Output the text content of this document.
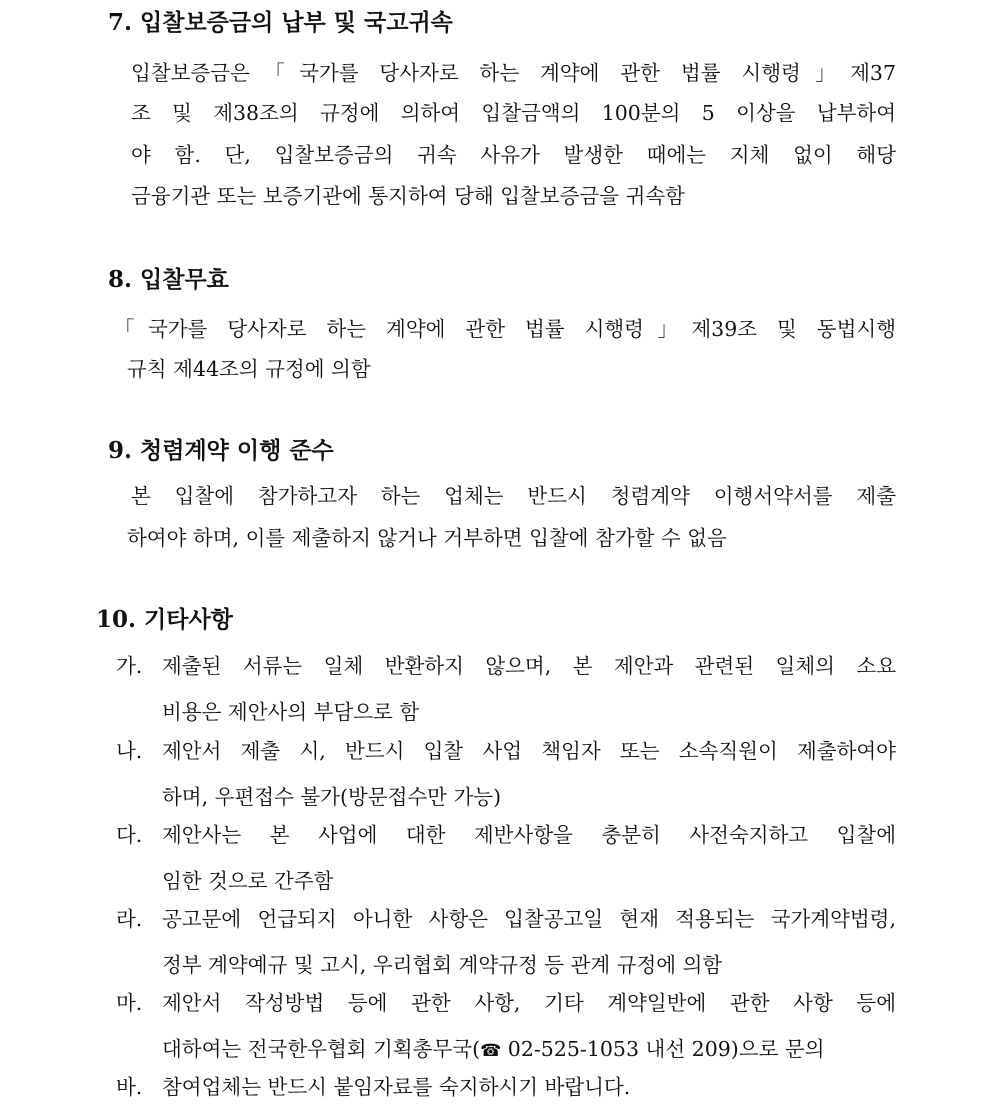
7. 입찰보증금의 납부 및 국고귀속

입찰보증금은「국가를 당사자로 하는 계약에 관한 법률 시행령」제37

조 및 제38조의 규정에 의하여 입찰금액의 100분의 5 이상을 납부하여

야 함. 단, 입찰보증금의 귀속 사유가 발생한 때에는 지체 없이 해당

금융기관 또는 보증기관에 통지하여 당해 입찰보증금을 귀속함

8. 입찰무효

「국가를 당사자로 하는 계약에 관한 법률 시행령」제39조 및 동법시행

규칙 제44조의 규정에 의함

9. 청렴계약 이행 준수

본 입찰에 참가하고자 하는 업체는 반드시 청렴계약 이행서약서를 제출

하여야 하며, 이를 제출하지 않거나 거부하면 입찰에 참가할 수 없음

10. 기타사항
가. 제출된 서류는 일체 반환하지 않으며, 본 제안과 관련된 일체의 소요
비용은 제안사의 부담으로 함
나. 제안서 제출 시, 반드시 입찰 사업 책임자 또는 소속직원이 제출하여야
하며, 우편접수 불가(방문접수만 가능)
다. 제안사는 본 사업에 대한 제반사항을 충분히 사전숙지하고 입찰에
임한 것으로 간주함
라. 공고문에 언급되지 아니한 사항은 입찰공고일 현재 적용되는 국가계약법령,
정부 계약예규 및 고시, 우리협회 계약규정 등 관계 규정에 의함
마. 제안서 작성방법 등에 관한 사항, 기타 계약일반에 관한 사항 등에
대하여는 전국한우협회 기획총무국(☎ 02-525-1053 내선 209)으로 문의
바. 참여업체는 반드시 붙임자료를 숙지하시기 바랍니다.
